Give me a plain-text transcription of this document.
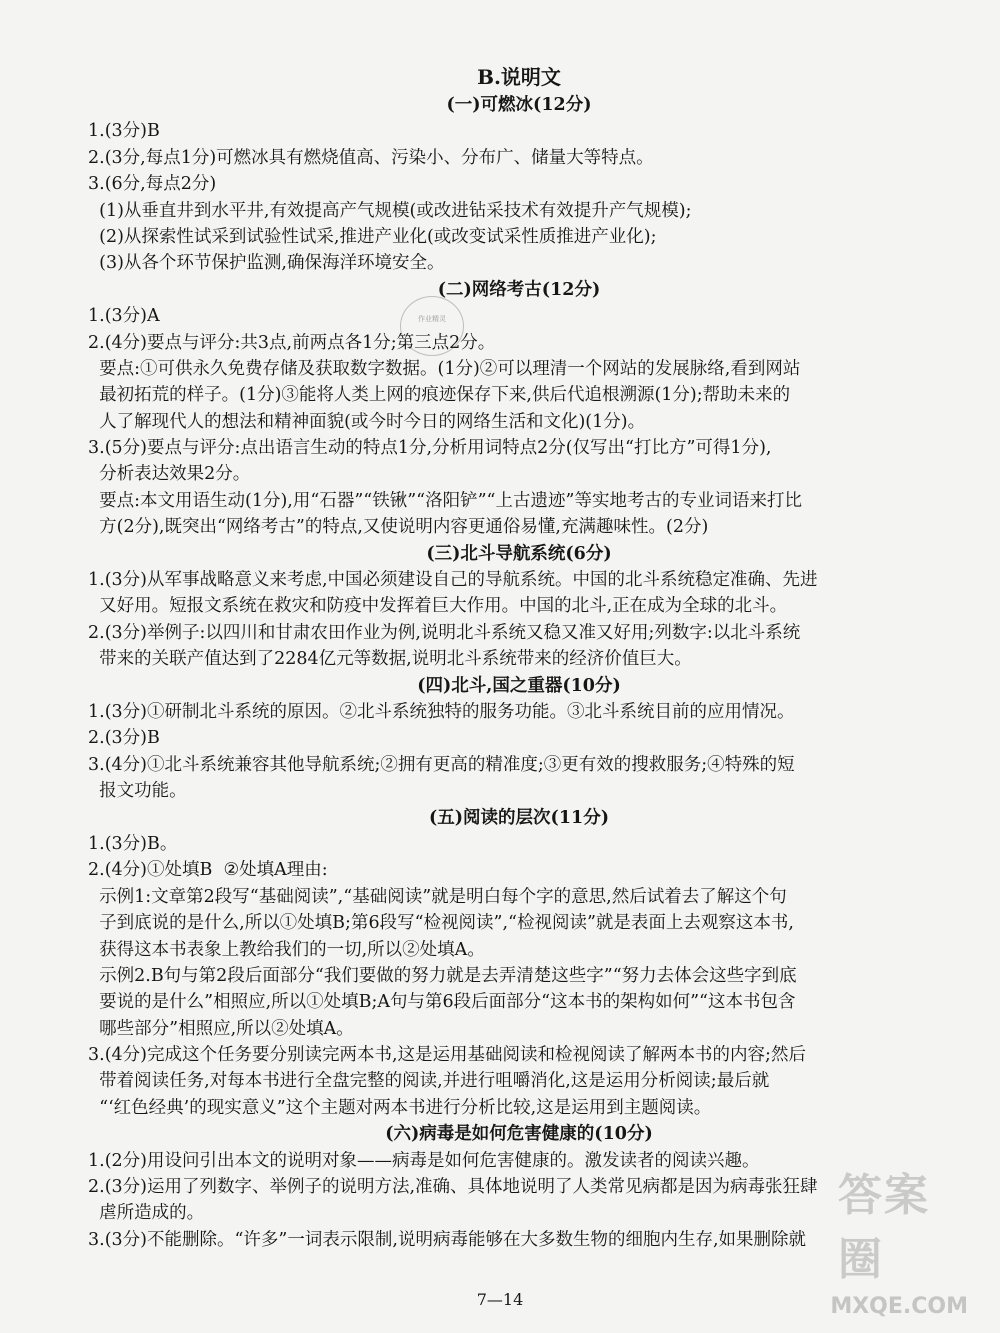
B.说明文
(一)可燃冰(12分)
1.(3分)B
2.(3分,每点1分)可燃冰具有燃烧值高、污染小、分布广、储量大等特点。
3.(6分,每点2分)
(1)从垂直井到水平井,有效提高产气规模(或改进钻采技术有效提升产气规模);
(2)从探索性试采到试验性试采,推进产业化(或改变试采性质推进产业化);
(3)从各个环节保护监测,确保海洋环境安全。
(二)网络考古(12分)
1.(3分)A
2.(4分)要点与评分:共3点,前两点各1分;第三点2分。
要点:①可供永久免费存储及获取数字数据。(1分)②可以理清一个网站的发展脉络,看到网站
最初拓荒的样子。(1分)③能将人类上网的痕迹保存下来,供后代追根溯源(1分);帮助未来的
人了解现代人的想法和精神面貌(或今时今日的网络生活和文化)(1分)。
3.(5分)要点与评分:点出语言生动的特点1分,分析用词特点2分(仅写出“打比方”可得1分),
分析表达效果2分。
要点:本文用语生动(1分),用“石器”“铁锹”“洛阳铲”“上古遗迹”等实地考古的专业词语来打比
方(2分),既突出“网络考古”的特点,又使说明内容更通俗易懂,充满趣味性。(2分)
(三)北斗导航系统(6分)
1.(3分)从军事战略意义来考虑,中国必须建设自己的导航系统。中国的北斗系统稳定准确、先进
又好用。短报文系统在救灾和防疫中发挥着巨大作用。中国的北斗,正在成为全球的北斗。
2.(3分)举例子:以四川和甘肃农田作业为例,说明北斗系统又稳又准又好用;列数字:以北斗系统
带来的关联产值达到了2284亿元等数据,说明北斗系统带来的经济价值巨大。
(四)北斗,国之重器(10分)
1.(3分)①研制北斗系统的原因。②北斗系统独特的服务功能。③北斗系统目前的应用情况。
2.(3分)B
3.(4分)①北斗系统兼容其他导航系统;②拥有更高的精准度;③更有效的搜救服务;④特殊的短
报文功能。
(五)阅读的层次(11分)
1.(3分)B。
2.(4分)①处填B  ②处填A理由:
示例1:文章第2段写“基础阅读”,“基础阅读”就是明白每个字的意思,然后试着去了解这个句
子到底说的是什么,所以①处填B;第6段写“检视阅读”,“检视阅读”就是表面上去观察这本书,
获得这本书表象上教给我们的一切,所以②处填A。
示例2.B句与第2段后面部分“我们要做的努力就是去弄清楚这些字”“努力去体会这些字到底
要说的是什么”相照应,所以①处填B;A句与第6段后面部分“这本书的架构如何”“这本书包含
哪些部分”相照应,所以②处填A。
3.(4分)完成这个任务要分别读完两本书,这是运用基础阅读和检视阅读了解两本书的内容;然后
带着阅读任务,对每本书进行全盘完整的阅读,并进行咀嚼消化,这是运用分析阅读;最后就
“‘红色经典’的现实意义”这个主题对两本书进行分析比较,这是运用到主题阅读。
(六)病毒是如何危害健康的(10分)
1.(2分)用设问引出本文的说明对象——病毒是如何危害健康的。激发读者的阅读兴趣。
2.(3分)运用了列数字、举例子的说明方法,准确、具体地说明了人类常见病都是因为病毒张狂肆
虐所造成的。
3.(3分)不能删除。“许多”一词表示限制,说明病毒能够在大多数生物的细胞内生存,如果删除就
作业精灵
7—14
答案圈
MXQE.COM
